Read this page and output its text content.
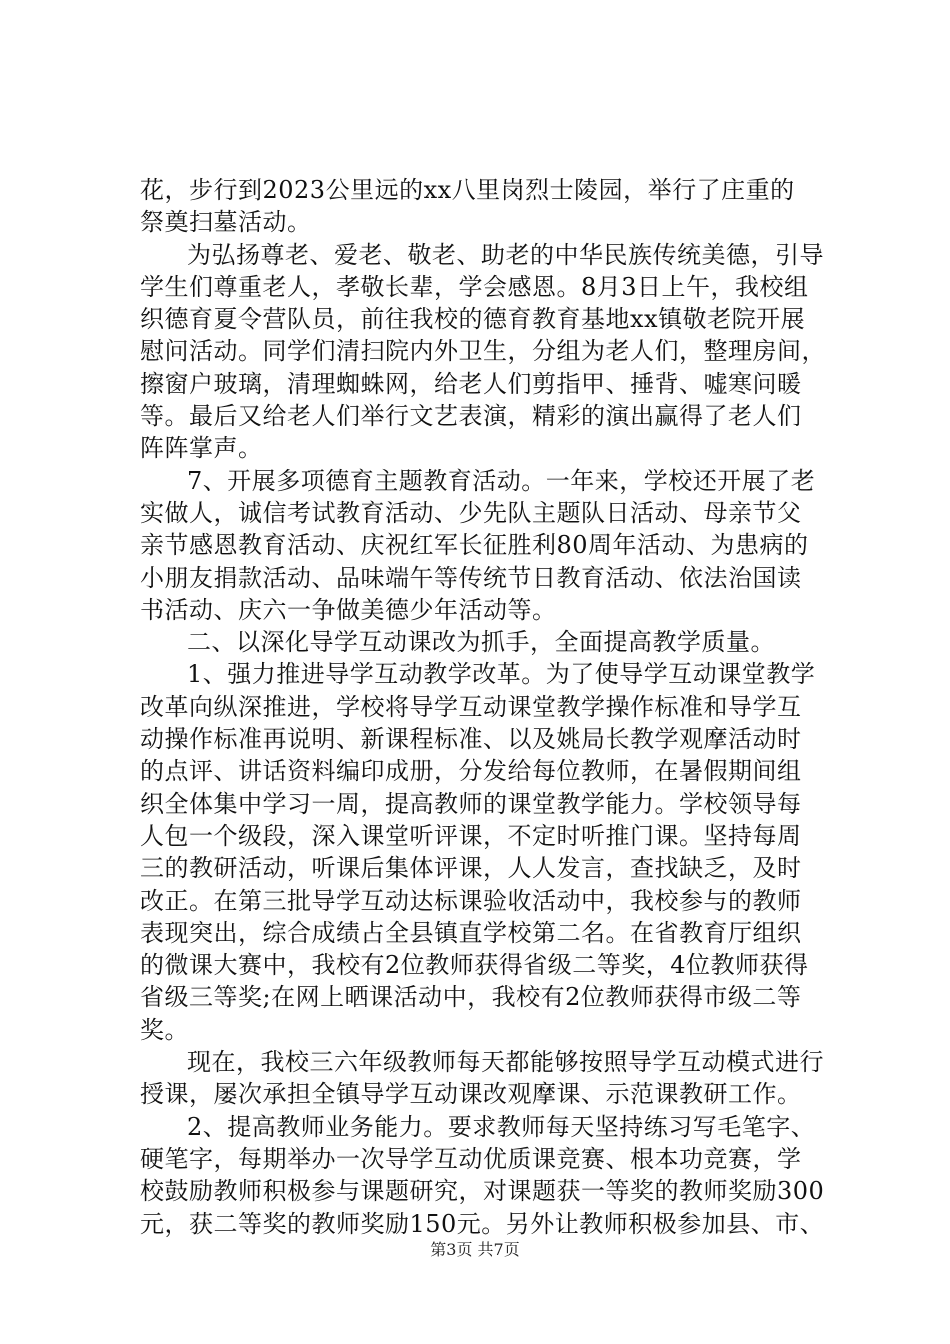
花，步行到2023公里远的xx八里岗烈士陵园，举行了庄重的
祭奠扫墓活动。
为弘扬尊老、爱老、敬老、助老的中华民族传统美德，引导
学生们尊重老人，孝敬长辈，学会感恩。8月3日上午，我校组
织德育夏令营队员，前往我校的德育教育基地xx镇敬老院开展
慰问活动。同学们清扫院内外卫生，分组为老人们，整理房间，
擦窗户玻璃，清理蜘蛛网，给老人们剪指甲、捶背、嘘寒问暖
等。最后又给老人们举行文艺表演，精彩的演出赢得了老人们
阵阵掌声。
7、开展多项德育主题教育活动。一年来，学校还开展了老
实做人，诚信考试教育活动、少先队主题队日活动、母亲节父
亲节感恩教育活动、庆祝红军长征胜利80周年活动、为患病的
小朋友捐款活动、品味端午等传统节日教育活动、依法治国读
书活动、庆六一争做美德少年活动等。
二、以深化导学互动课改为抓手，全面提高教学质量。
1、强力推进导学互动教学改革。为了使导学互动课堂教学
改革向纵深推进，学校将导学互动课堂教学操作标准和导学互
动操作标准再说明、新课程标准、以及姚局长教学观摩活动时
的点评、讲话资料编印成册，分发给每位教师，在暑假期间组
织全体集中学习一周，提高教师的课堂教学能力。学校领导每
人包一个级段，深入课堂听评课，不定时听推门课。坚持每周
三的教研活动，听课后集体评课，人人发言，查找缺乏，及时
改正。在第三批导学互动达标课验收活动中，我校参与的教师
表现突出，综合成绩占全县镇直学校第二名。在省教育厅组织
的微课大赛中，我校有2位教师获得省级二等奖，4位教师获得
省级三等奖;在网上晒课活动中，我校有2位教师获得市级二等
奖。
现在，我校三六年级教师每天都能够按照导学互动模式进行
授课，屡次承担全镇导学互动课改观摩课、示范课教研工作。
2、提高教师业务能力。要求教师每天坚持练习写毛笔字、
硬笔字，每期举办一次导学互动优质课竞赛、根本功竞赛，学
校鼓励教师积极参与课题研究，对课题获一等奖的教师奖励300
元，获二等奖的教师奖励150元。另外让教师积极参加县、市、
第3页 共7页
